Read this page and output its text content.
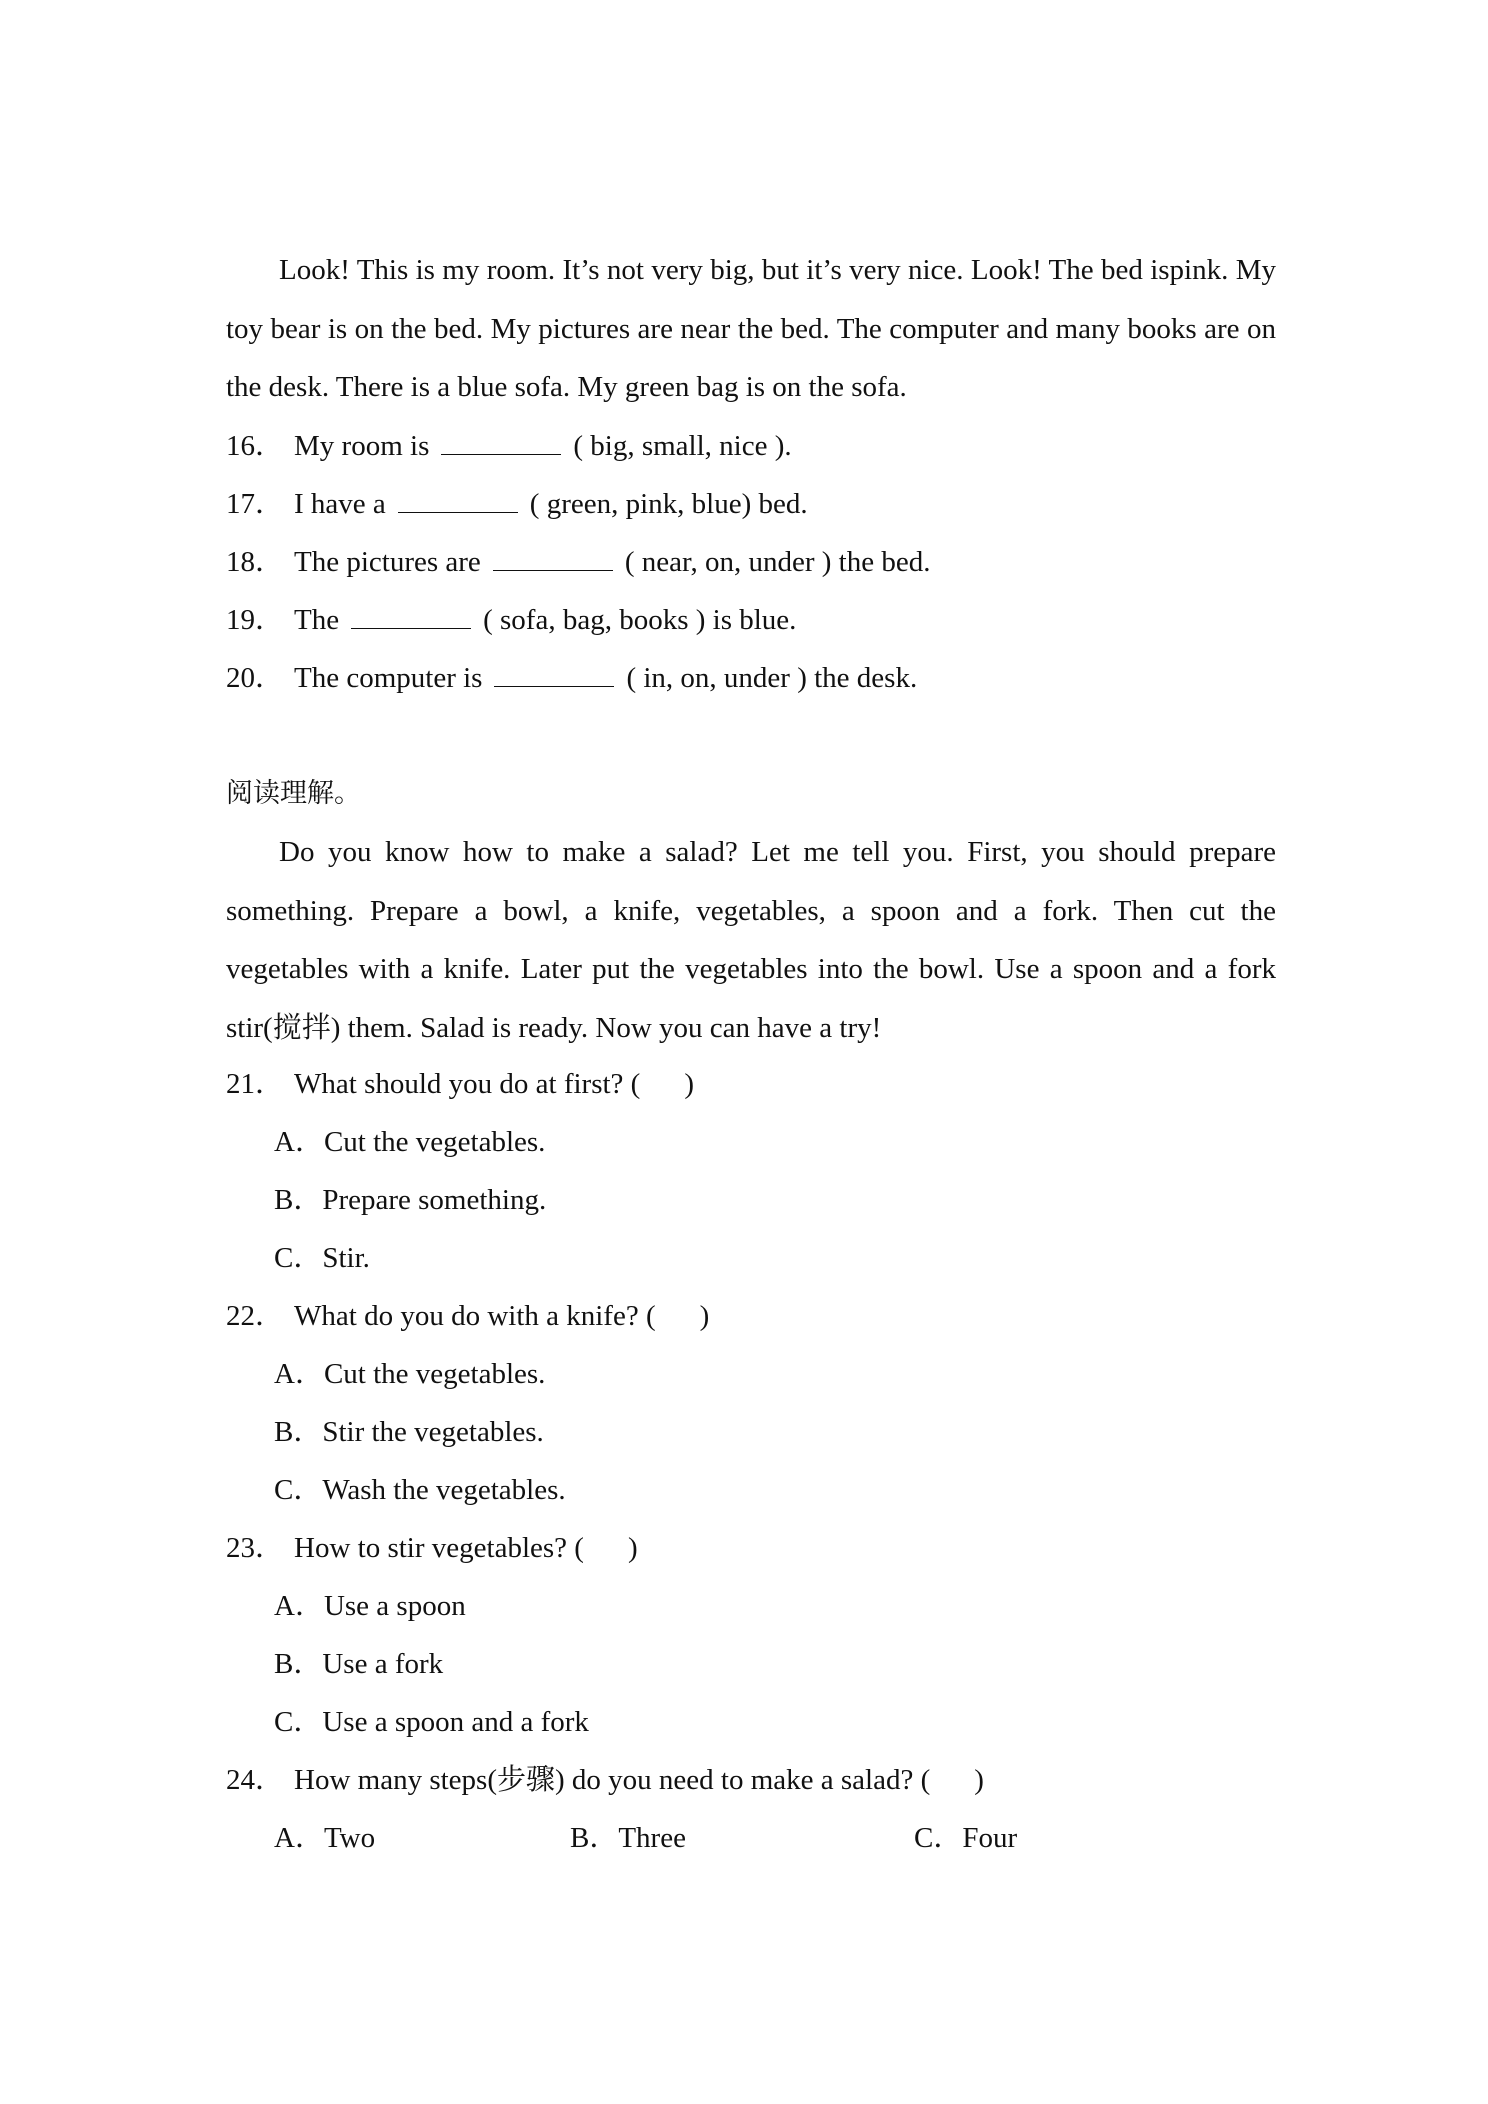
Look! This is my room. It’s not very big, but it’s very nice. Look! The bed ispink. My toy bear is on the bed. My pictures are near the bed. The computer and many books are on the desk. There is a blue sofa. My green bag is on the sofa.
16． My room is	( big, small, nice ).
17． I have a	( green, pink, blue) bed.
18． The pictures are	( near, on, under ) the bed.
19． The	( sofa, bag, books ) is blue.
20． The computer is	( in, on, under ) the desk.
阅读理解。
Do you know how to make a salad? Let me tell you. First, you should prepare something. Prepare a bowl, a knife, vegetables, a spoon and a fork. Then cut the vegetables with a knife. Later put the vegetables into the bowl. Use a spoon and a fork stir(搅拌) them. Salad is ready. Now you can have a try!
21． What should you do at first? ( )
A．Cut the vegetables.
B．Prepare something.
C．Stir.
22． What do you do with a knife? ( )
A．Cut the vegetables.
B．Stir the vegetables.
C．Wash the vegetables.
23． How to stir vegetables? ( )
A．Use a spoon
B．Use a fork
C．Use a spoon and a fork
24． How many steps(步骤) do you need to make a salad? ( )
A．Two	B．Three	C．Four
